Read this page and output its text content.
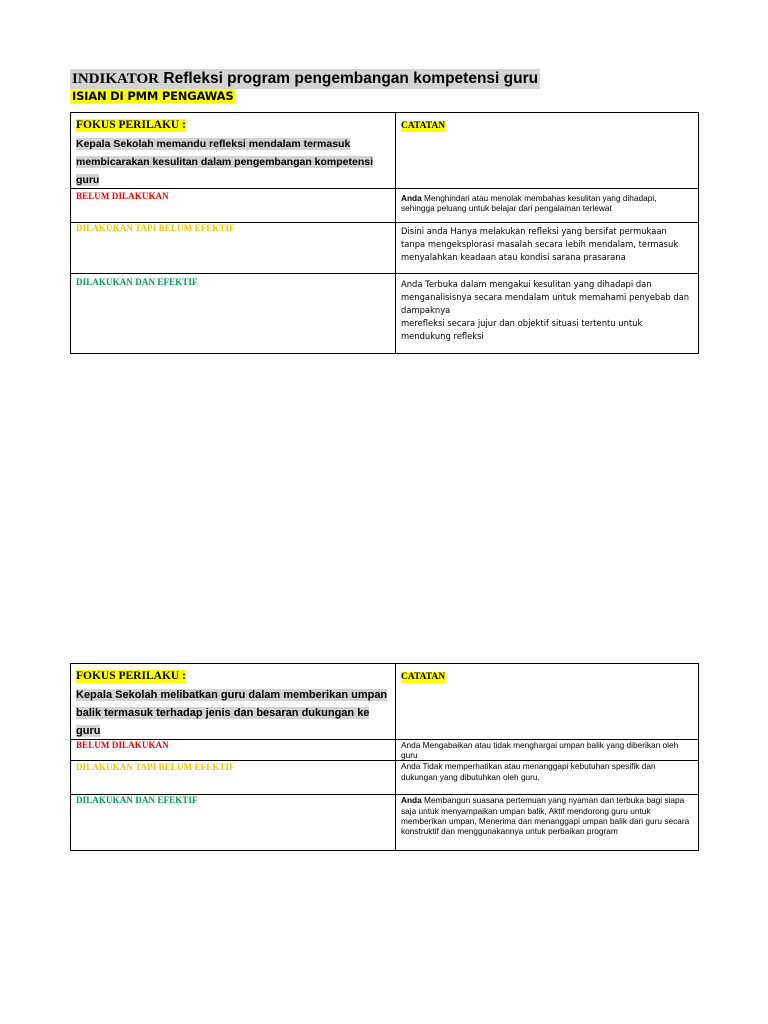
INDIKATOR Refleksi program pengembangan kompetensi guru
ISIAN DI PMM PENGAWAS
FOKUS PERILAKU :
Kepala Sekolah memandu refleksi mendalam termasuk membicarakan kesulitan dalam pengembangan kompetensi guru	CATATAN

BELUM DILAKUKAN	Anda Menghindari atau menolak membahas kesulitan yang dihadapi, sehingga peluang untuk belajar dari pengalaman terlewat

DILAKUKAN TAPI BELUM EFEKTIF	Disini anda Hanya melakukan refleksi yang bersifat permukaan tanpa mengeksplorasi masalah secara lebih mendalam, termasuk menyalahkan keadaan atau kondisi sarana prasarana

DILAKUKAN DAN EFEKTIF	Anda Terbuka dalam mengakui kesulitan yang dihadapi dan menganalisisnya secara mendalam untuk memahami penyebab dan dampaknya
merefleksi secara jujur dan objektif situasi tertentu untuk mendukung refleksi
FOKUS PERILAKU :
Kepala Sekolah melibatkan guru dalam memberikan umpan balik termasuk terhadap jenis dan besaran dukungan ke guru	CATATAN

BELUM DILAKUKAN	Anda Mengabaikan atau tidak menghargai umpan balik yang diberikan oleh guru

DILAKUKAN TAPI BELUM EFEKTIF	Anda Tidak memperhatikan atau menanggapi kebutuhan spesifik dan dukungan yang dibutuhkan oleh guru.

DILAKUKAN DAN EFEKTIF	Anda Membangun suasana pertemuan yang nyaman dan terbuka bagi siapa saja untuk menyampaikan umpan balik, Aktif mendorong guru untuk memberikan umpan, Menerima dan menanggapi umpan balik dari guru secara konstruktif dan menggunakannya untuk perbaikan program
